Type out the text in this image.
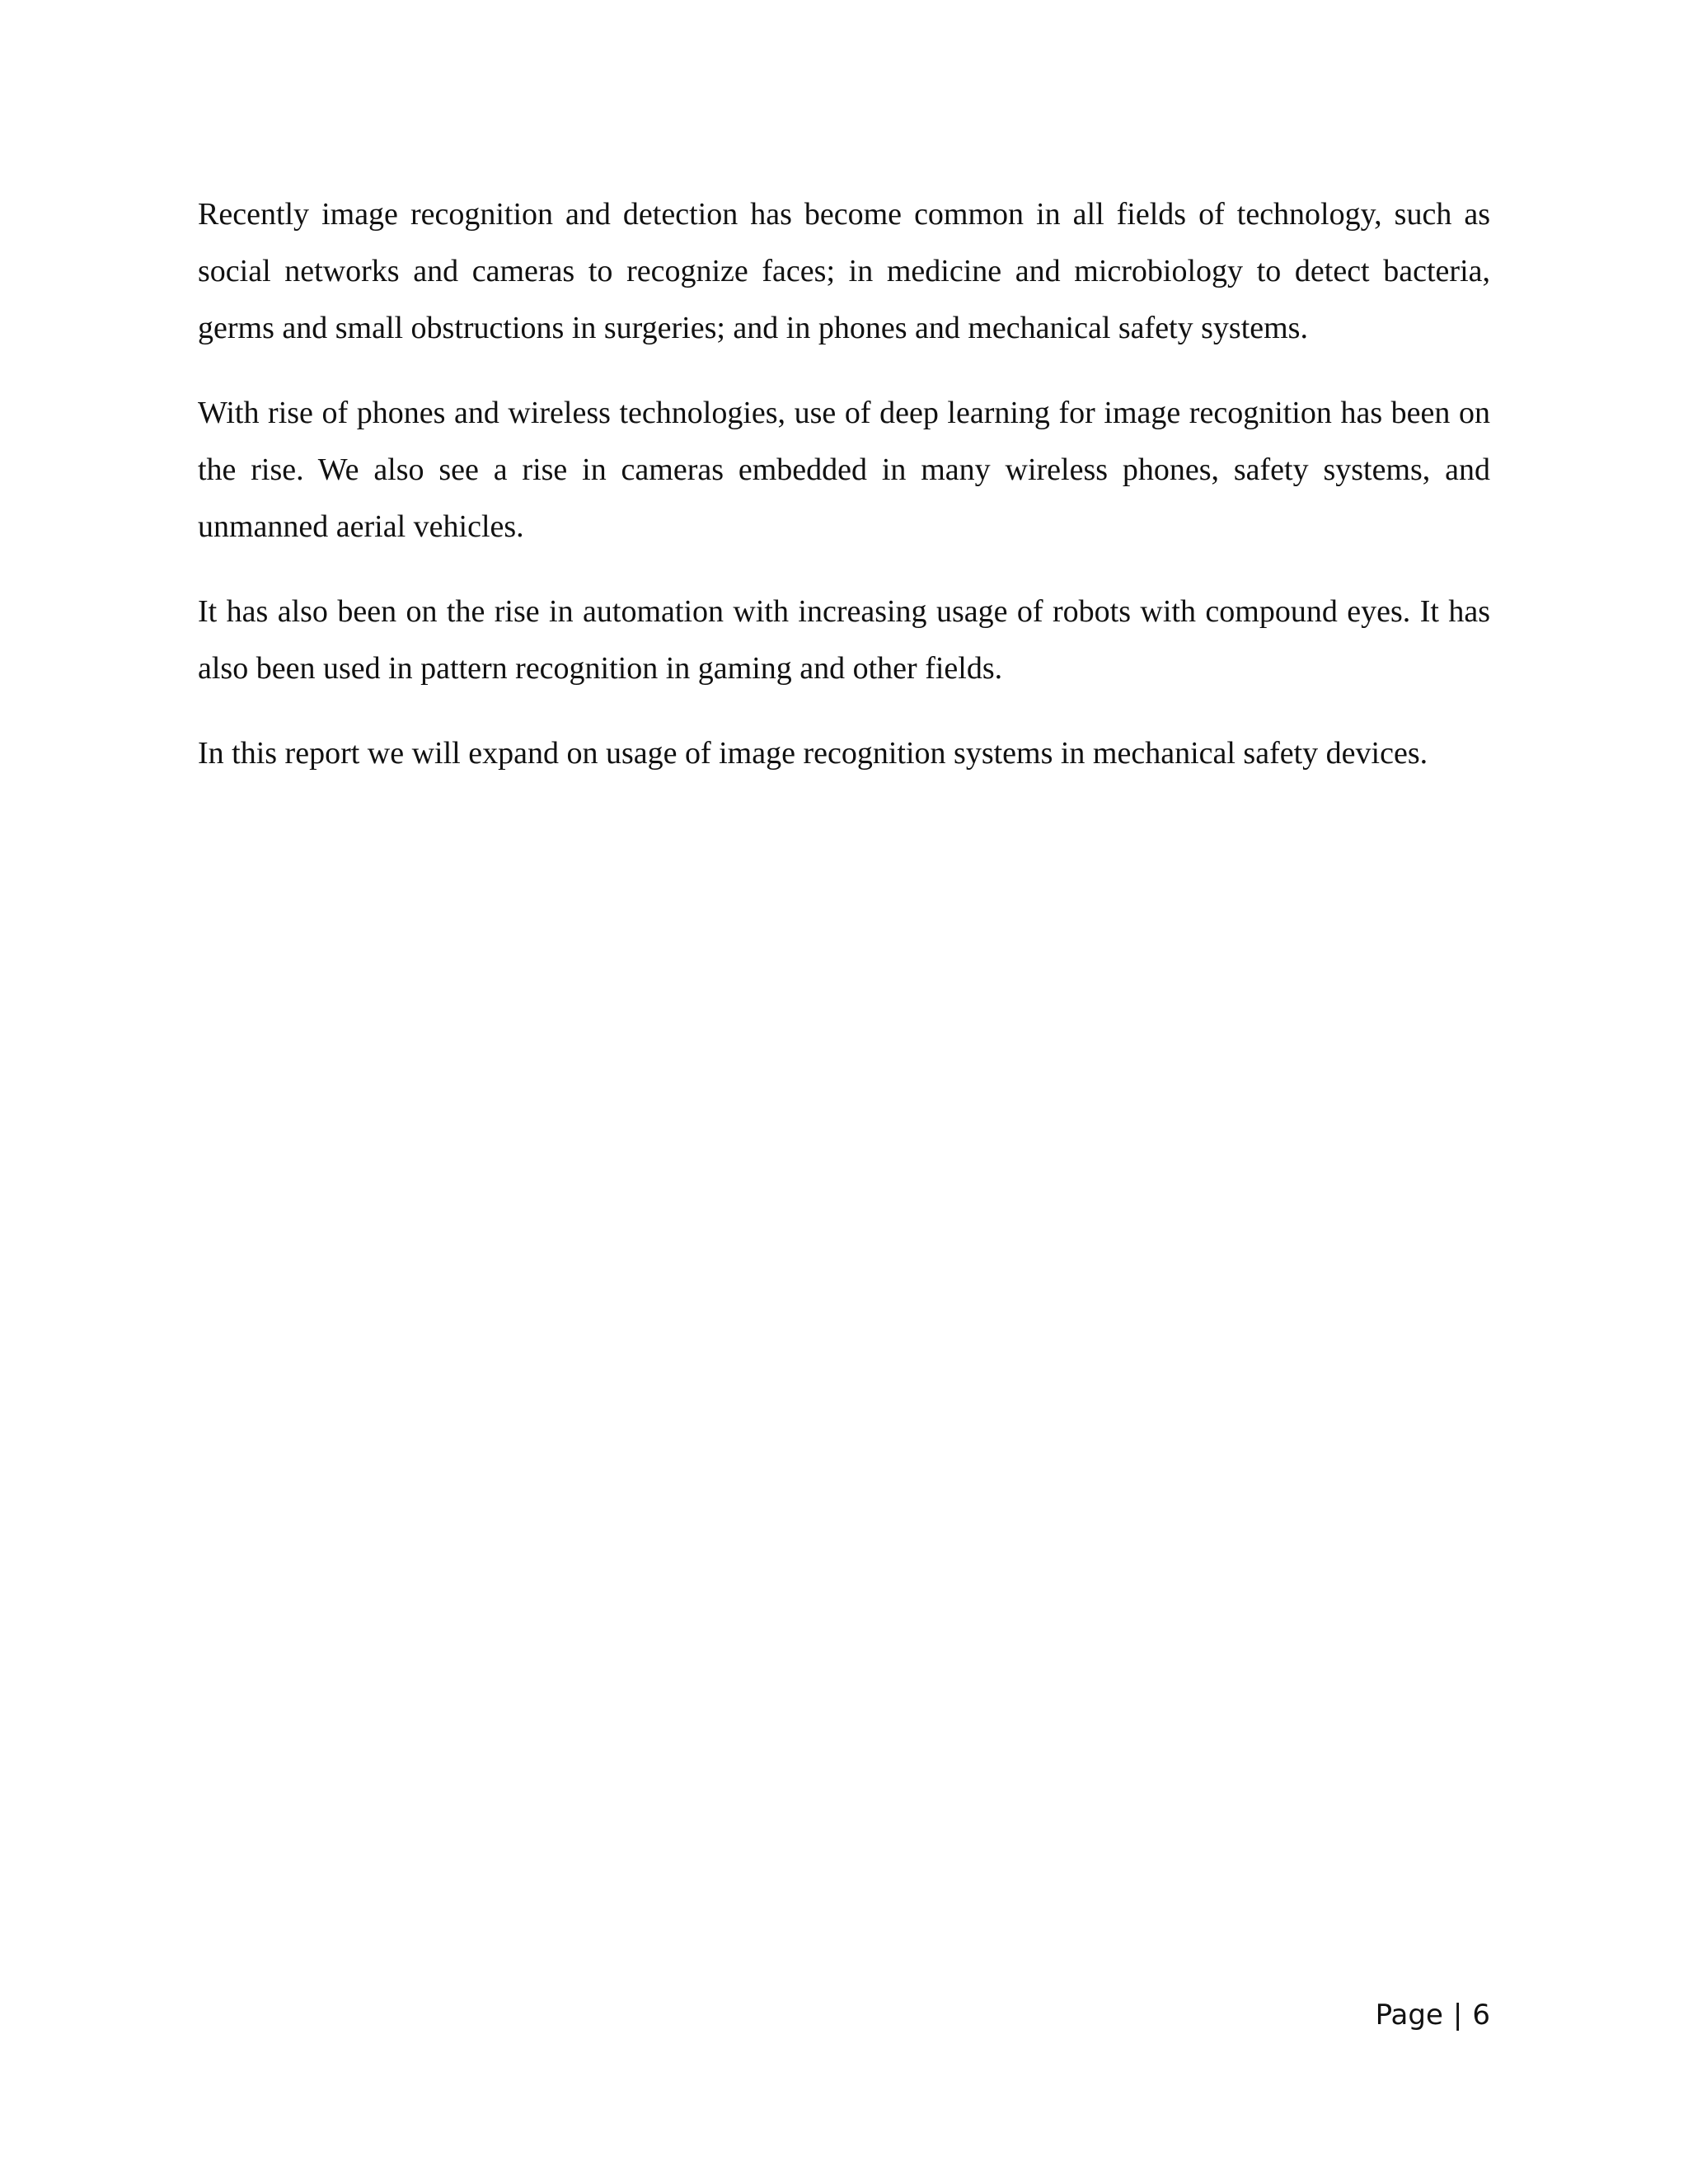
Recently image recognition and detection has become common in all fields of technology, such as social networks and cameras to recognize faces; in medicine and microbiology to detect bacteria, germs and small obstructions in surgeries; and in phones and mechanical safety systems.

With rise of phones and wireless technologies, use of deep learning for image recognition has been on the rise. We also see a rise in cameras embedded in many wireless phones, safety systems, and unmanned aerial vehicles.

It has also been on the rise in automation with increasing usage of robots with compound eyes. It has also been used in pattern recognition in gaming and other fields.

In this report we will expand on usage of image recognition systems in mechanical safety devices.

Page | 6
